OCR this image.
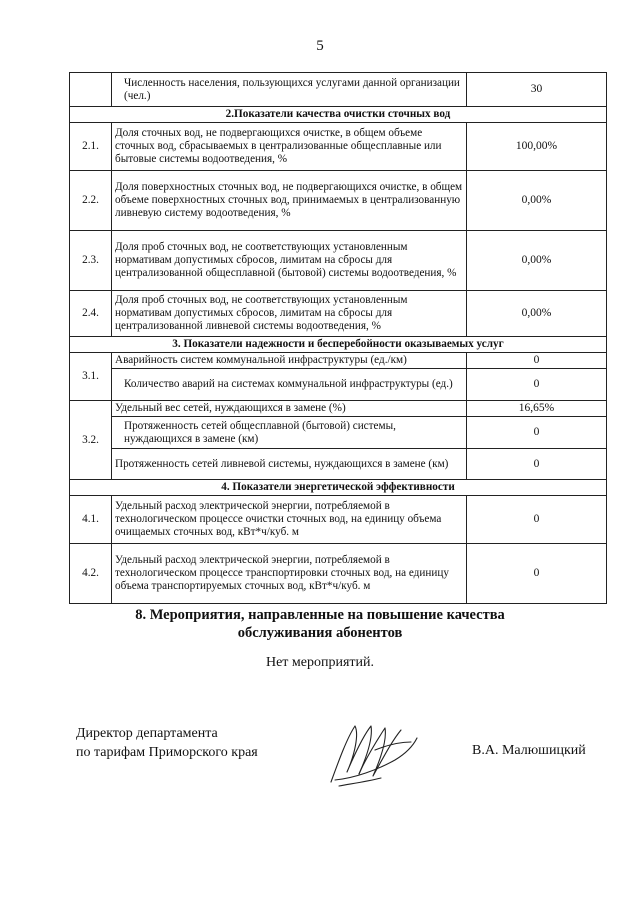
5
	Численность населения, пользующихся услугами данной организации (чел.)	30
2.Показатели качества очистки сточных вод		
2.1.	Доля сточных вод, не подвергающихся очистке, в общем объеме сточных вод, сбрасываемых в централизованные общесплавные или бытовые системы водоотведения, %	100,00%
2.2.	Доля поверхностных сточных вод, не подвергающихся очистке, в общем объеме поверхностных сточных вод, принимаемых в централизованную ливневую систему водоотведения, %	0,00%
2.3.	Доля проб сточных вод, не соответствующих установленным нормативам допустимых сбросов, лимитам на сбросы для централизованной общесплавной (бытовой) системы водоотведения, %	0,00%
2.4.	Доля проб сточных вод, не соответствующих установленным нормативам допустимых сбросов, лимитам на сбросы для централизованной ливневой системы водоотведения, %	0,00%
3. Показатели надежности и бесперебойности оказываемых услуг		
3.1.	Аварийность систем коммунальной инфраструктуры (ед./км)	0
	Количество аварий на системах коммунальной инфраструктуры (ед.)	0
3.2.	Удельный вес сетей, нуждающихся в замене (%)	16,65%
	Протяженность сетей общесплавной (бытовой) системы, нуждающихся в замене (км)	0
	Протяженность сетей ливневой системы, нуждающихся в замене (км)	0
4. Показатели энергетической эффективности		
4.1.	Удельный расход электрической энергии, потребляемой в технологическом процессе очистки сточных вод, на единицу объема очищаемых сточных вод, кВт*ч/куб. м	0
4.2.	Удельный расход электрической энергии, потребляемой в технологическом процессе транспортировки сточных вод, на единицу объема транспортируемых сточных вод, кВт*ч/куб. м	0
8. Мероприятия, направленные на повышение качества
обслуживания абонентов
Нет мероприятий.
Директор департамента
по тарифам Приморского края	В.А. Малюшицкий
